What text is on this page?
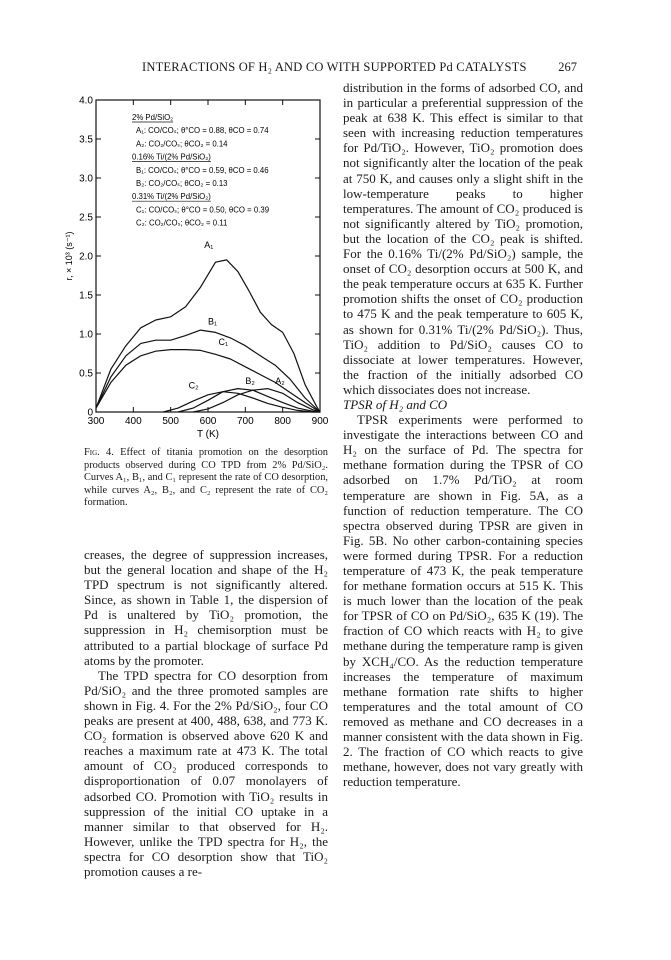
INTERACTIONS OF H₂ AND CO WITH SUPPORTED Pd CATALYSTS	267
300 400 500 600 700 800 900
0
0.5
1.0
1.5
2.0
2.5
3.0
3.5
4.0
T (K)
r, × 10³ (s⁻¹)	A₁
B₁
C₁
C₂	B₂ A₂
2% Pd/SiO₂
A₁: CO/COₛ; θ°CO = 0.88, θCO = 0.74
A₂: CO₂/COₛ; θCO₂ = 0.14
0.16% Ti/(2% Pd/SiO₂)
B₁: CO/COₛ; θ°CO = 0.59, θCO = 0.46
B₂: CO₂/COₛ; θCO₂ = 0.13
0.31% Ti/(2% Pd/SiO₂)
C₁: CO/COₛ; θ°CO = 0.50, θCO = 0.39
C₂: CO₂/COₛ; θCO₂ = 0.11
Fig. 4. Effect of titania promotion on the desorption products observed during CO TPD from 2% Pd/SiO₂. Curves A₁, B₁, and C₁ represent the rate of CO desorption, while curves A₂, B₂, and C₂ represent the rate of CO₂ formation.

creases, the degree of suppression increases, but the general location and shape of the H₂ TPD spectrum is not significantly altered. Since, as shown in Table 1, the dispersion of Pd is unaltered by TiO₂ promotion, the suppression in H₂ chemisorption must be attributed to a partial blockage of surface Pd atoms by the promoter.

The TPD spectra for CO desorption from Pd/SiO₂ and the three promoted samples are shown in Fig. 4. For the 2% Pd/SiO₂, four CO peaks are present at 400, 488, 638, and 773 K. CO₂ formation is observed above 620 K and reaches a maximum rate at 473 K. The total amount of CO₂ produced corresponds to disproportionation of 0.07 monolayers of adsorbed CO. Promotion with TiO₂ results in suppression of the initial CO uptake in a manner similar to that observed for H₂. However, unlike the TPD spectra for H₂, the spectra for CO desorption show that TiO₂ promotion causes a re-

distribution in the forms of adsorbed CO, and in particular a preferential suppression of the peak at 638 K. This effect is similar to that seen with increasing reduction temperatures for Pd/TiO₂. However, TiO₂ promotion does not significantly alter the location of the peak at 750 K, and causes only a slight shift in the low-temperature peaks to higher temperatures. The amount of CO₂ produced is not significantly altered by TiO₂ promotion, but the location of the CO₂ peak is shifted. For the 0.16% Ti/(2% Pd/SiO₂) sample, the onset of CO₂ desorption occurs at 500 K, and the peak temperature occurs at 635 K. Further promotion shifts the onset of CO₂ production to 475 K and the peak temperature to 605 K, as shown for 0.31% Ti/(2% Pd/SiO₂). Thus, TiO₂ addition to Pd/SiO₂ causes CO to dissociate at lower temperatures. However, the fraction of the initially adsorbed CO which dissociates does not increase.

TPSR of H₂ and CO

TPSR experiments were performed to investigate the interactions between CO and H₂ on the surface of Pd. The spectra for methane formation during the TPSR of CO adsorbed on 1.7% Pd/TiO₂ at room temperature are shown in Fig. 5A, as a function of reduction temperature. The CO spectra observed during TPSR are given in Fig. 5B. No other carbon-containing species were formed during TPSR. For a reduction temperature of 473 K, the peak temperature for methane formation occurs at 515 K. This is much lower than the location of the peak for TPSR of CO on Pd/SiO₂, 635 K (19). The fraction of CO which reacts with H₂ to give methane during the temperature ramp is given by XCH₄/CO. As the reduction temperature increases the temperature of maximum methane formation rate shifts to higher temperatures and the total amount of CO removed as methane and CO decreases in a manner consistent with the data shown in Fig. 2. The fraction of CO which reacts to give methane, however, does not vary greatly with reduction temperature.
